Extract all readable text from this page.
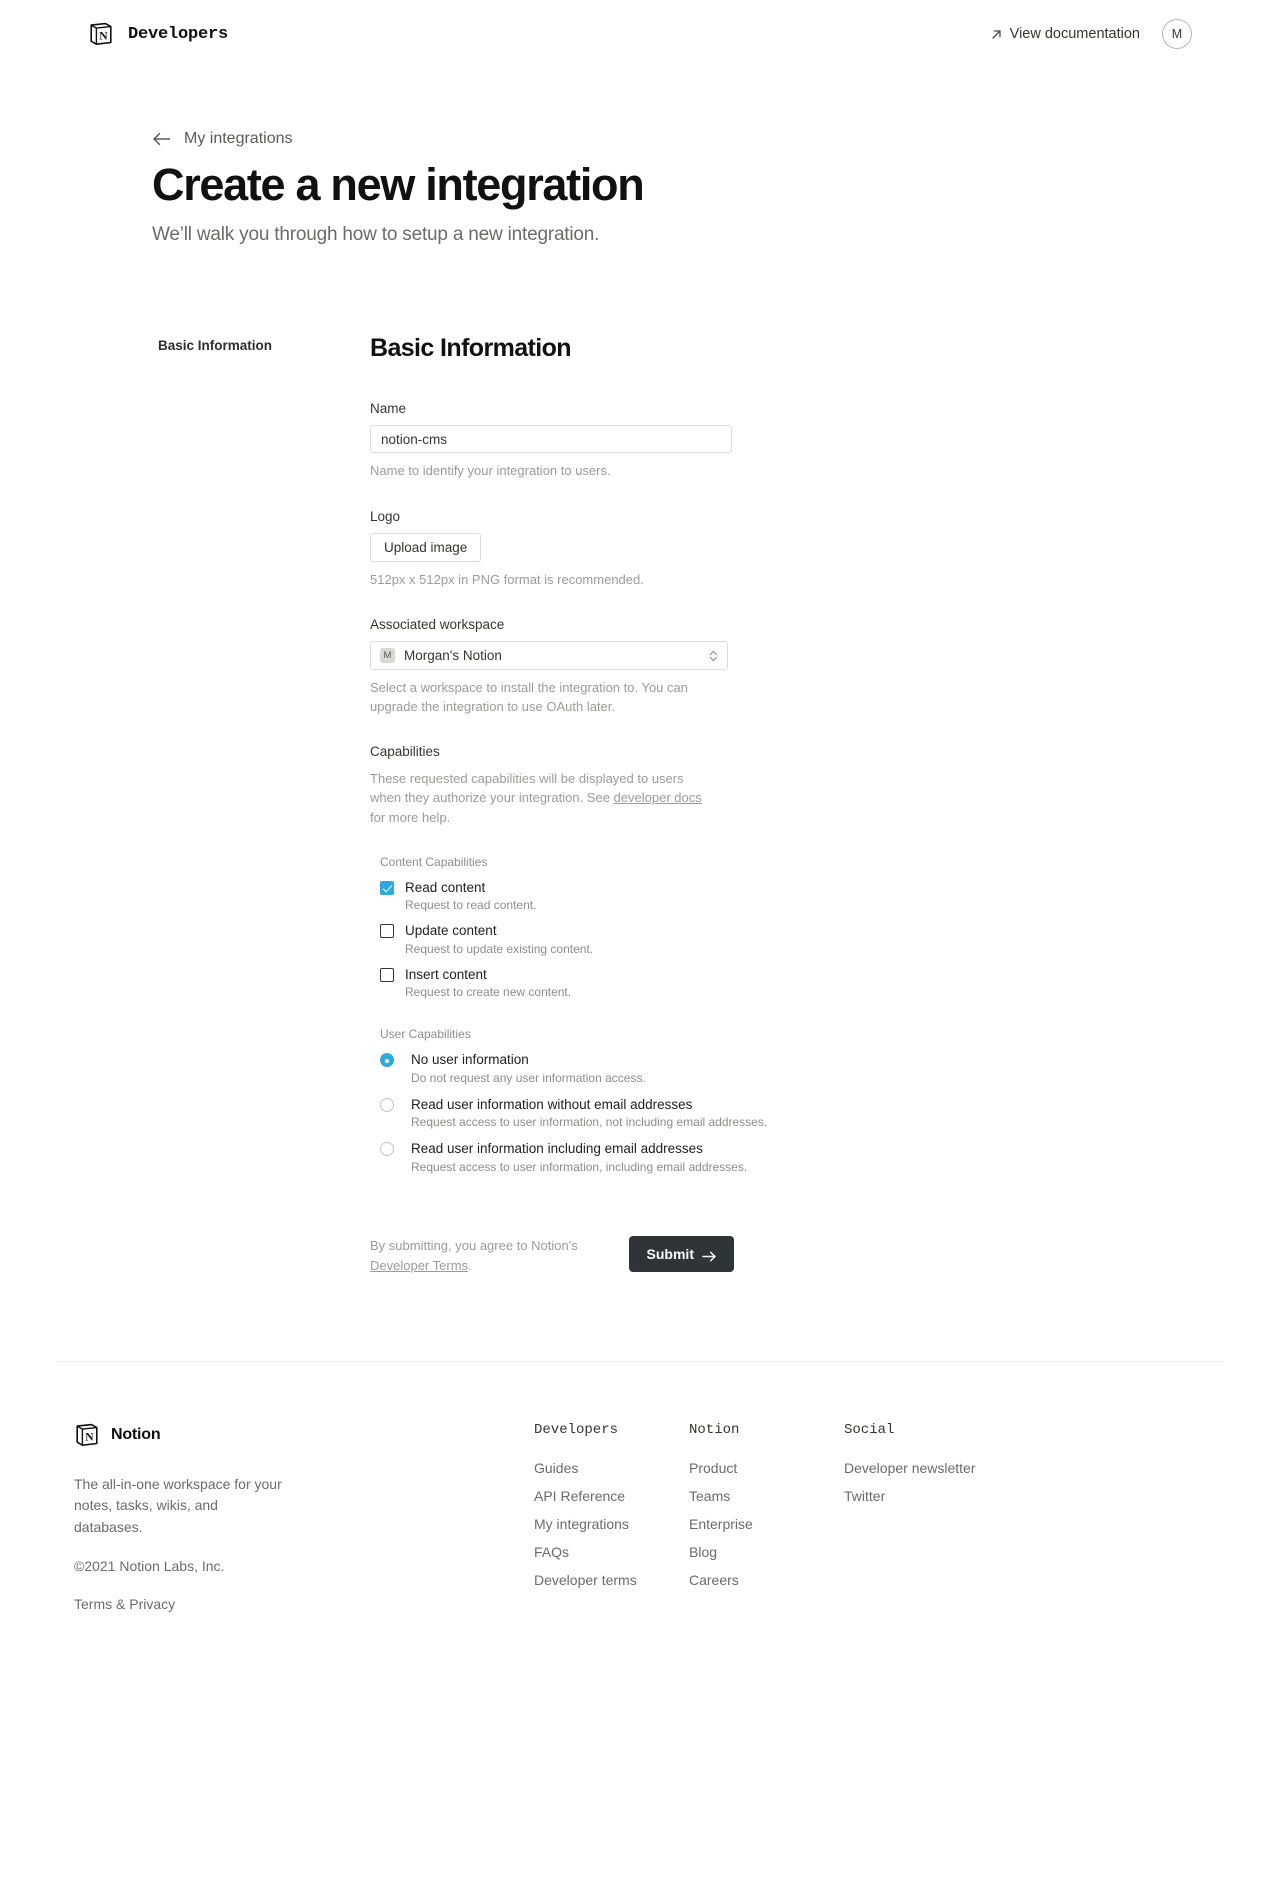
N Developers	View documentation	M
My integrations
Create a new integration
We’ll walk you through how to setup a new integration.
Basic Information	Basic Information
Name
notion-cms
Name to identify your integration to users.
Logo
Upload image
512px x 512px in PNG format is recommended.
Associated workspace
M Morgan's Notion
Select a workspace to install the integration to. You can upgrade the integration to use OAuth later.
Capabilities
These requested capabilities will be displayed to users when they authorize your integration. See developer docs for more help.
Content Capabilities
Read content
Request to read content.
Update content
Request to update existing content.
Insert content
Request to create new content.
User Capabilities
No user information
Do not request any user information access.
Read user information without email addresses
Request access to user information, not including email addresses.
Read user information including email addresses
Request access to user information, including email addresses.
By submitting, you agree to Notion's Developer Terms.
Submit
N Notion
The all-in-one workspace for your notes, tasks, wikis, and databases.
©2021 Notion Labs, Inc.
Terms & Privacy
Developers
Guides
API Reference
My integrations
FAQs
Developer terms
Notion
Product
Teams
Enterprise
Blog
Careers
Social
Developer newsletter
Twitter
